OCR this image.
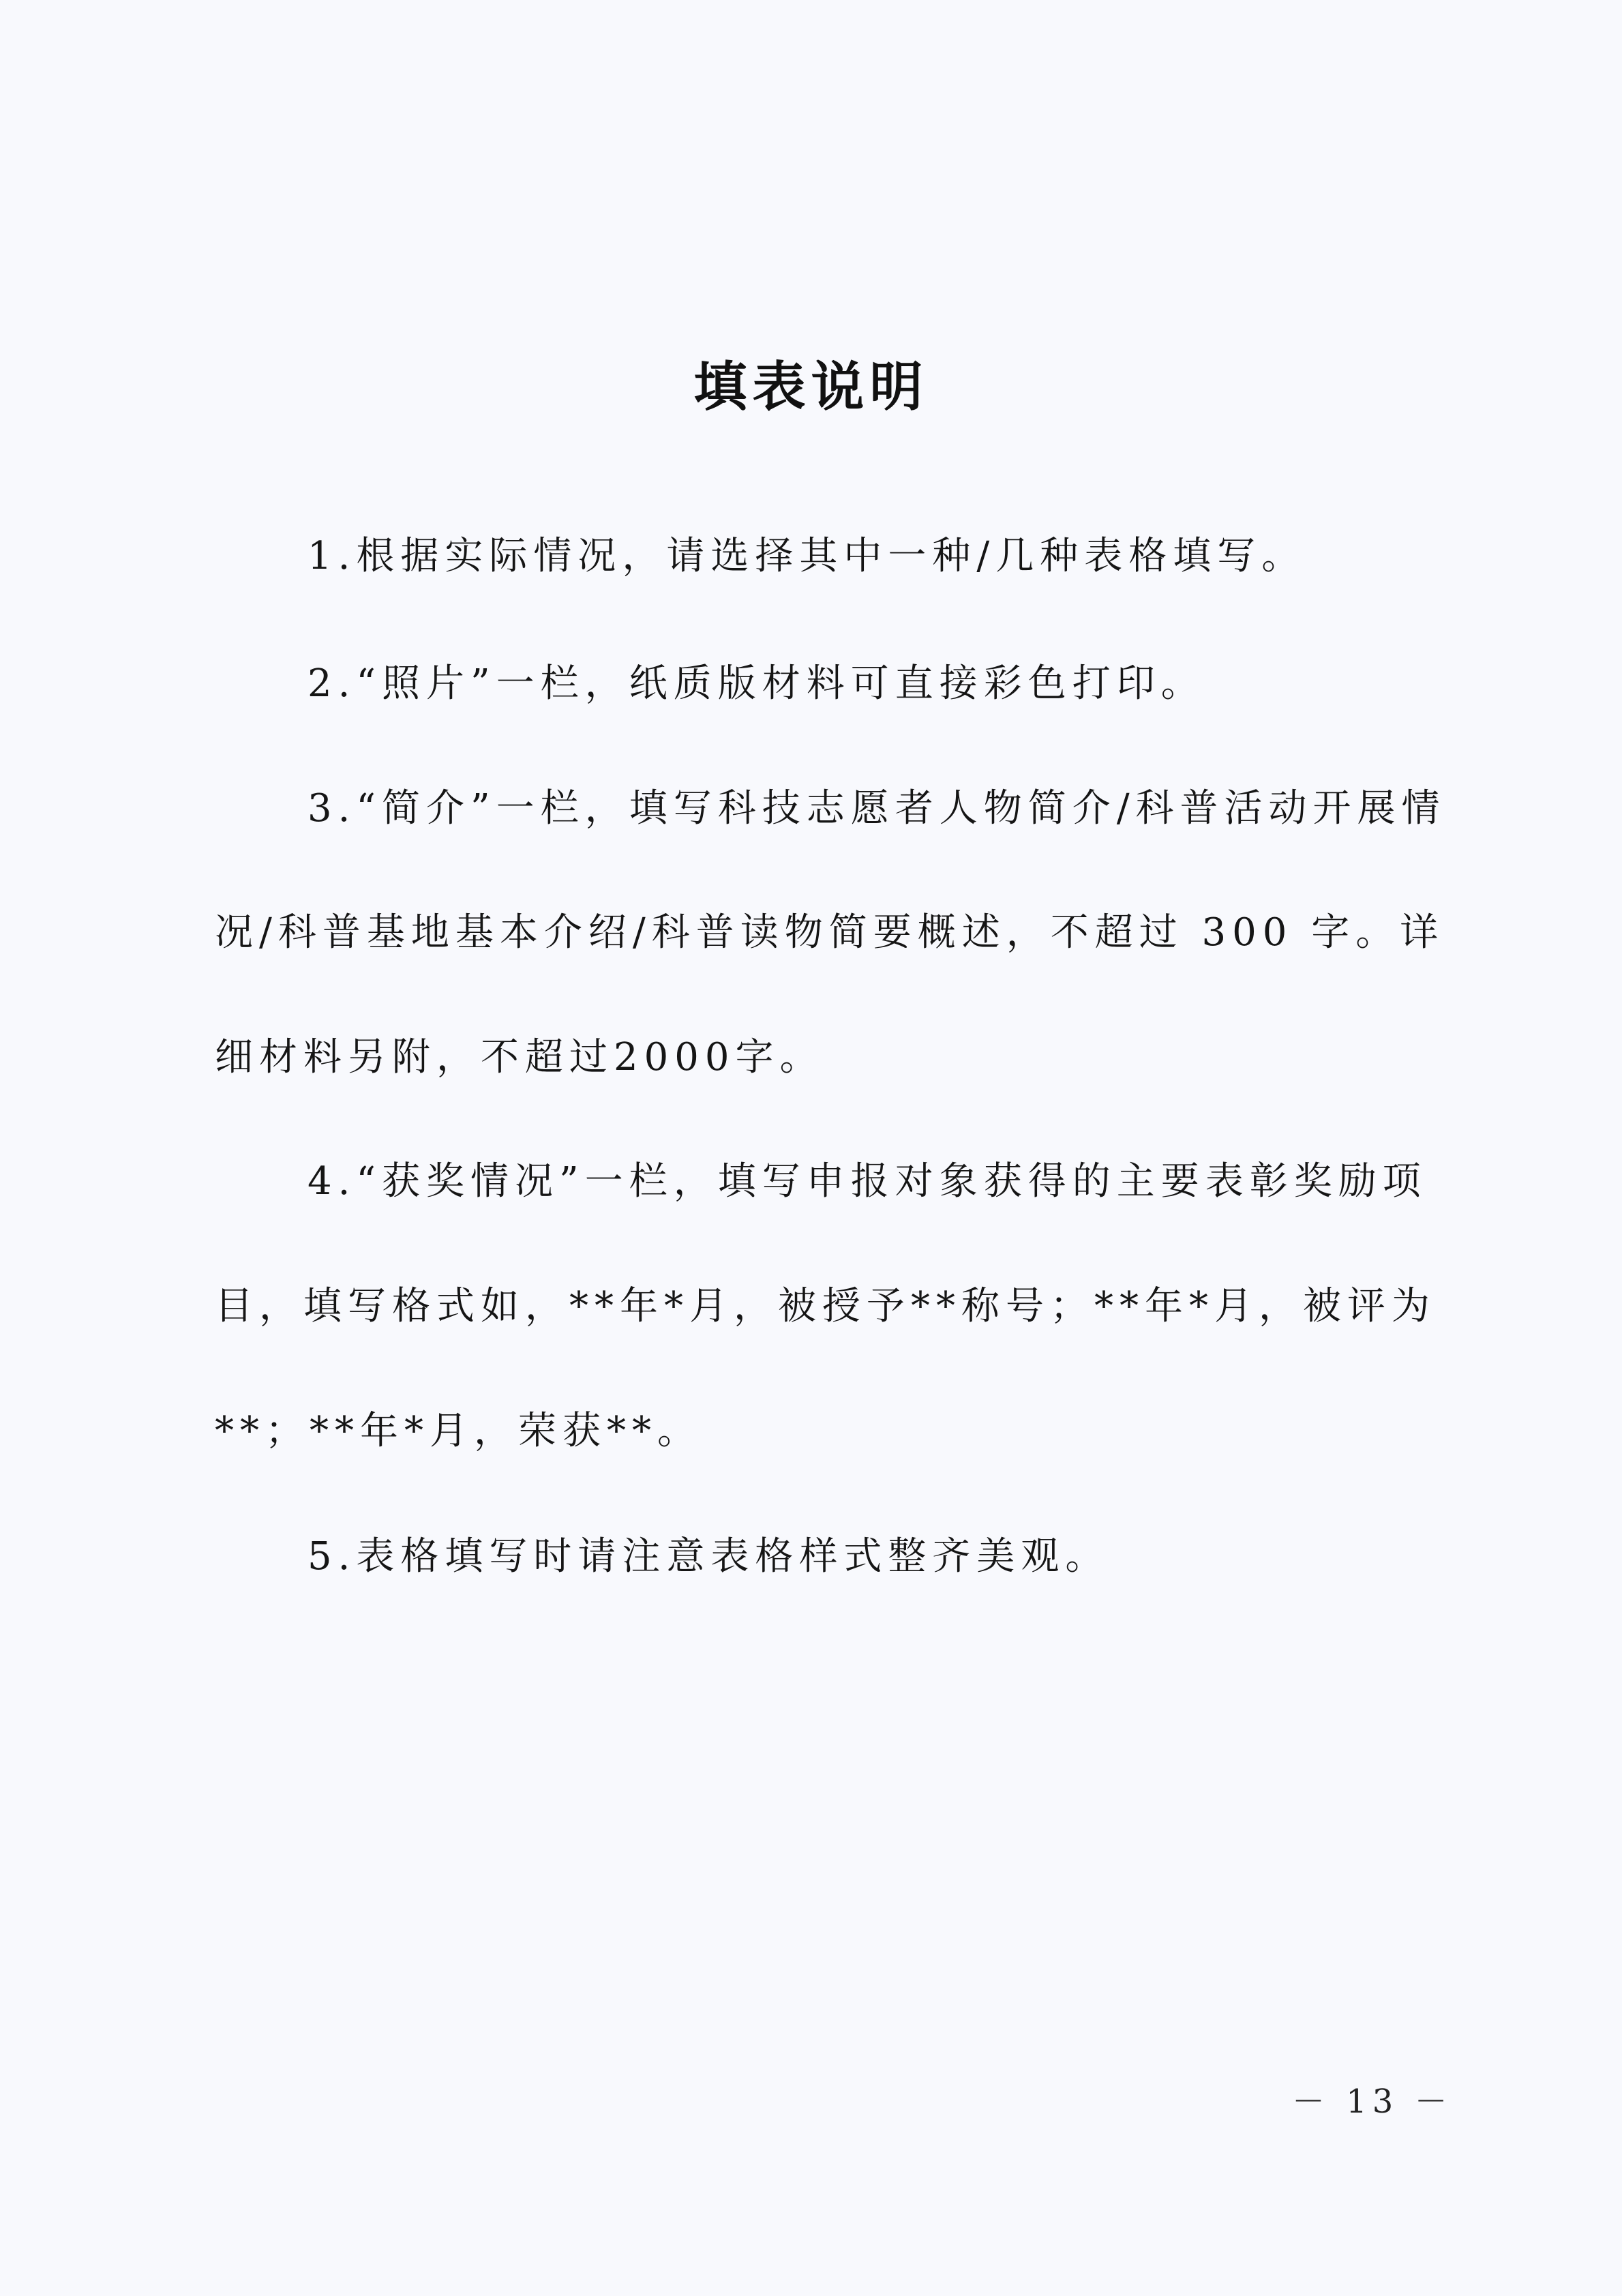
填表说明
1.根据实际情况，请选择其中一种/几种表格填写。
2.“照片”一栏，纸质版材料可直接彩色打印。
3.“简介”一栏，填写科技志愿者人物简介/科普活动开展情
况/科普基地基本介绍/科普读物简要概述，不超过 300 字。详
细材料另附，不超过2000字。
4.“获奖情况”一栏，填写申报对象获得的主要表彰奖励项
目，填写格式如，**年*月，被授予**称号；**年*月，被评为
**；**年*月，荣获**。
5.表格填写时请注意表格样式整齐美观。
－ 13 －
